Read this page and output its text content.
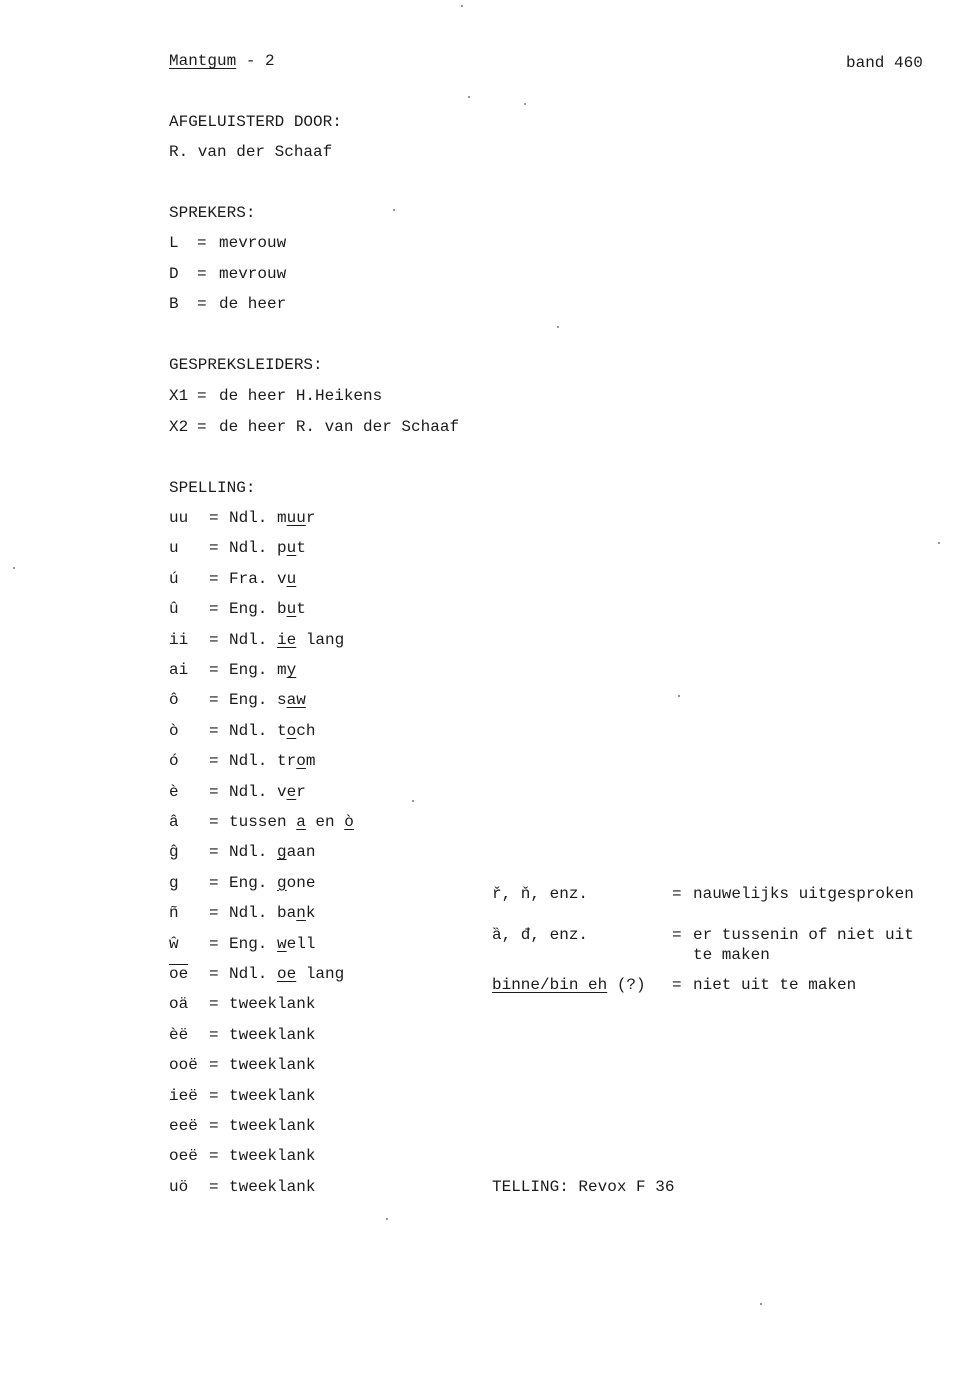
Mantgum - 2	band 460
AFGELUISTERD DOOR:
R. van der Schaaf
SPREKERS:
L = mevrouw
D = mevrouw
B = de heer
GESPREKSLEIDERS:
X1 = de heer H.Heikens
X2 = de heer R. van der Schaaf
SPELLING:
uu = Ndl. muur
u = Ndl. put
ú = Fra. vu
û = Eng. but
ii = Ndl. ie lang
ai = Eng. my
ô = Eng. saw
ò = Ndl. toch
ó = Ndl. trom
è = Ndl. ver
â = tussen a en ò
ĝ = Ndl. gaan
g = Eng. gone
ñ = Ndl. bank
ŵ = Eng. well
$\overline{oe}$ = Ndl. oe lang
oä = tweeklank
èë = tweeklank
ooë = tweeklank
ieë = tweeklank
eeë = tweeklank
oeë = tweeklank
uö = tweeklank
ř, ň, enz.	= nauwelijks uitgesproken
ȁ, đ, enz.	= er tussenin of niet uit
te maken
binne/bin eh (?) = niet uit te maken
TELLING: Revox F 36
